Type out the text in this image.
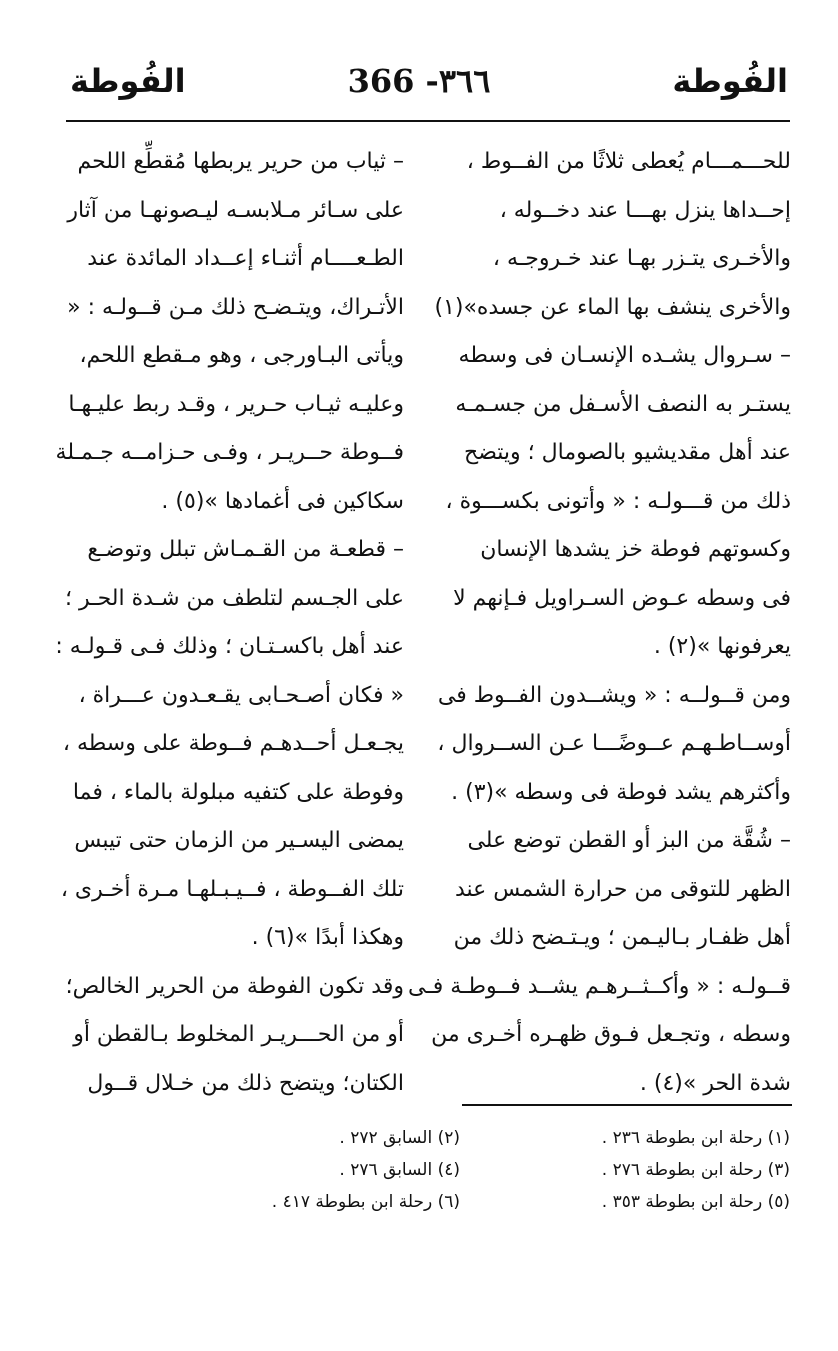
الفُوطة
366 -٣٦٦
الفُوطة
للحـــمـــام يُعطى ثلاثًا من الفــوط ،
إحــداها ينزل بهـــا عند دخــوله ،
والأخـرى يتـزر بهـا عند خـروجـه ،
والأخرى ينشف بها الماء عن جسده»(١)
– سـروال يشـده الإنسـان فى وسطه
يستـر به النصف الأسـفل من جسـمـه
عند أهل مقديشيو بالصومال ؛ ويتضح
ذلك من قـــولـه : « وأتونى بكســـوة ،
وكسوتهم فوطة خز يشدها الإنسان
فى وسطه عـوض السـراويل فـإنهم لا
يعرفونها »(٢) .
ومن قــولــه : « ويشــدون الفــوط فى
أوســاطـهـم عــوضًـــا عـن الســروال ،
وأكثرهم يشد فوطة فى وسطه »(٣) .
– شُقَّة من البز أو القطن توضع على
الظهر للتوقى من حرارة الشمس عند
أهل ظفـار بـاليـمن ؛ ويـتـضح ذلك من
قــولـه : « وأكــثــرهـم يشــد فــوطـة فـى
وسطه ، وتجـعل فـوق ظهـره أخـرى من
شدة الحر »(٤) .
– ثياب من حرير يربطها مُقطِّع اللحم
على سـائر مـلابسـه ليـصونهـا من آثار
الطـعــــام أثنـاء إعــداد المائدة عند
الأتـراك، ويتـضـح ذلك مـن قــولـه : «
ويأتى البـاورجى ، وهو مـقطع اللحم،
وعليـه ثيـاب حـرير ، وقـد ربط عليـهـا
فــوطة حــريـر ، وفـى حـزامــه جـمـلة
سكاكين فى أغمادها »(٥) .
– قطعـة من القـمـاش تبلل وتوضـع
على الجـسم لتلطف من شـدة الحـر ؛
عند أهل باكسـتـان ؛ وذلك فـى قـولـه :
« فكان أصـحـابى يقـعـدون عـــراة ،
يجـعـل أحــدهـم فــوطة على وسطه ،
وفوطة على كتفيه مبلولة بالماء ، فما
يمضى اليسـير من الزمان حتى تيبس
تلك الفــوطة ، فــيـبـلهـا مـرة أخـرى ،
وهكذا أبدًا »(٦) .
وقد تكون الفوطة من الحرير الخالص؛
أو من الحـــريـر المخلوط بـالقطن أو
الكتان؛ ويتضح ذلك من خـلال قــول
(١) رحلة ابن بطوطة ٢٣٦ .
(٣) رحلة ابن بطوطة ٢٧٦ .
(٥) رحلة ابن بطوطة ٣٥٣ .
(٢) السابق ٢٧٢ .
(٤) السابق ٢٧٦ .
(٦) رحلة ابن بطوطة ٤١٧ .
